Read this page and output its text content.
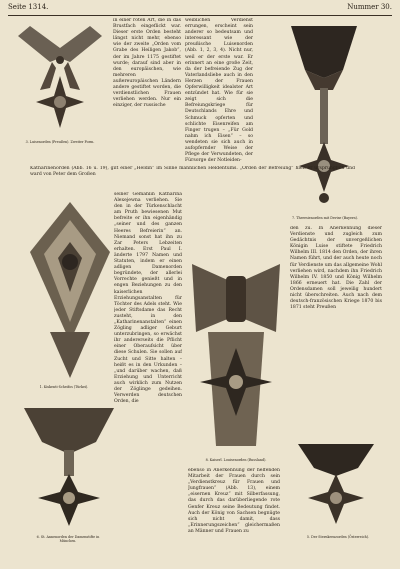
Seite 1314.	Nummer 30.
3. Luisenorden (Preußen). Zweiter Form.

in einer roten Art, die in das Brustfach eingeflickt war. Dieser erste Orden besteht längst nicht mehr, ebenso wie der zweite „Orden vom Grabe des Heiligen Jakob“, der im Jahre 1175 gestiftet wurde; darauf sind aber in den europäischen, wie mehreren außereuropäischen Ländern andere gestiftet worden, die verdienstlichen Frauen verliehen werden. Nur ein einziger, der russische

weiblichen Verdienst errungen, erscheint sein anderer so bedeutsam und interessant wie der preußische Luisenorden (Abb. 1, 2, 3, 4). Nicht nur, weil er der erste war. Er erinnert an eine große Zeit, da der befreiende Zug der Vaterlandsliebe auch in den Herzen der Frauen Opferwilligkeit idealster Art entzündet hat. Wie für sie zeigt sich die Befreiungskriege für Deutschlands Ehre und Schmuck opferten und schlichte Eisenreifen am Finger trugen – „Für Gold nahm ich Eisen“ – so wendeten sie sich auch in aufopfernder Weise der Pflege der Verwundeten, der Fürsorge der Notleiden-

7. Theresienorden mit Devise (Bayern).
Katharinenorden (Abb. 16 u. 19), gilt einer „Heldin“ im Sinne männlichen Heldentums. „Orden der Befreiung“ hieß er ursprünglich und ward von Peter dem Großen
1. Kiskenti-Scheifos (Türkei).

seiner Gemahlin Katharina Alexejewna verliehen. Sie den in der Türkenschlacht am Pruth bewiesenen Mut befreite er ihn eigenhändig „seiner und des ganzen Heeres Befreierin“ an. Niemand sonst hat ihn zu Zar Peters Lebzeiten erhalten. Erst Paul I. änderte 1797 Namen und Statuten, indem er einen adligen Damenorden begründete, der allerlei Vorrechte genießt und in engen Beziehungen zu den kaiserlichen Erziehungsanstalten für Töchter des Adels steht. Wie jeder Stiftsdame das Recht zusteht, in den „Katharinenanstalten“ einen Zögling adliger Geburt unterzubringen, so erwächst ihr andererseits die Pflicht einer Oberaufsicht über diese Schulen. Sie sollen auf Zucht und Sitte halten – heißt es in den Urkunden – „und darüber wachen, daß Erziehung und Unterricht auch wirklich zum Nutzen der Zöglinge gedeihen. Verwerden deutschen Orden, die

8. Kaiserl. Louisenorden (Russland).

den zu. In Anerkennung dieser Verdienste und zugleich zum Gedächtnis der unvergeßlichen Königin Luise stiftete Friedrich Wilhelm III. 1814 den Orden, der ihren Namen führt, und der auch heute noch für Verdienste um das allgemeine Wohl verliehen wird, nachdem ihn Friedrich Wilhelm IV. 1850 und König Wilhelm 1866 erneuert hat. Die Zahl der Ordensdamen soll jeweilig hundert nicht überschreiten. Auch nach dem deutsch-französischen Kriege 1870 bis 1871 steht Preußen

6. St. Annenorden der Damenstifte in München.

ebenso in Anerkennung der helfenden Mitarbeit der Frauen durch sein „Verdienstkreuz für Frauen und Jungfrauen“ (Abb. 13), einem „eisernen Kreuz“ mit Silberfassung, das durch das darüberliegende rote Genfer Kreuz seine Bedeutung findet. Auch der König von Sachsen begnügte sich nicht damit, dass „Erinnerungszeichen“ gleichermaßen an Männer und Frauen zu

5. Der Sternkreuzorden (Österreich).
